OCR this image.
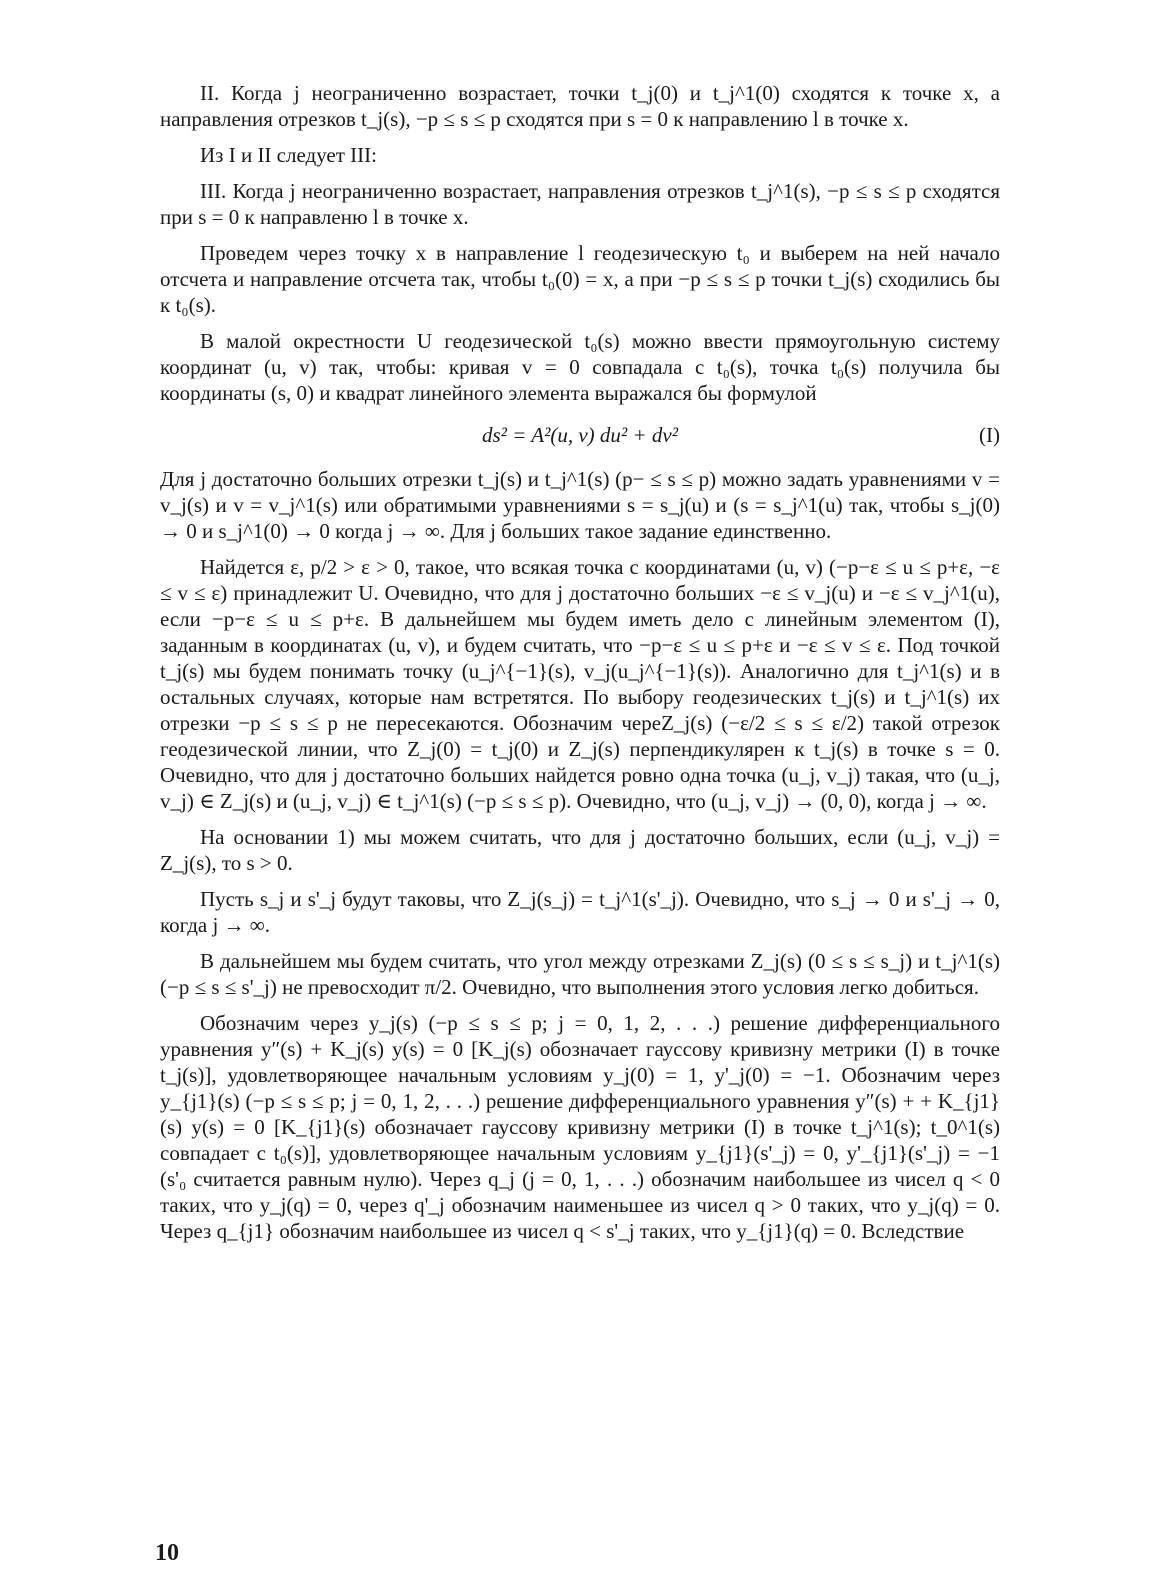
II. Когда j неограниченно возрастает, точки t_j(0) и t_j^1(0) сходятся к точке x, а направления отрезков t_j(s), −p ≤ s ≤ p сходятся при s = 0 к направлению l в точке x.

Из I и II следует III:

III. Когда j неограниченно возрастает, направления отрезков t_j^1(s), −p ≤ s ≤ p сходятся при s = 0 к направленю l в точке x.

Проведем через точку x в направление l геодезическую t₀ и выберем на ней начало отсчета и направление отсчета так, чтобы t₀(0) = x, а при −p ≤ s ≤ p точки t_j(s) сходились бы к t₀(s).

В малой окрестности U геодезической t₀(s) можно ввести прямоугольную систему координат (u, v) так, чтобы: кривая v = 0 совпадала с t₀(s), точка t₀(s) получила бы координаты (s, 0) и квадрат линейного элемента выражался бы формулой

ds² = A²(u, v) du² + dv²	(I)

Для j достаточно больших отрезки t_j(s) и t_j^1(s) (p− ≤ s ≤ p) можно задать уравнениями v = v_j(s) и v = v_j^1(s) или обратимыми уравнениями s = s_j(u) и (s = s_j^1(u) так, чтобы s_j(0) → 0 и s_j^1(0) → 0 когда j → ∞. Для j больших такое задание единственно.

Найдется ε, p/2 > ε > 0, такое, что всякая точка с координатами (u, v) (−p−ε ≤ u ≤ p+ε, −ε ≤ v ≤ ε) принадлежит U. Очевидно, что для j достаточно больших −ε ≤ v_j(u) и −ε ≤ v_j^1(u), если −p−ε ≤ u ≤ p+ε. В дальнейшем мы будем иметь дело с линейным элементом (I), заданным в координатах (u, v), и будем считать, что −p−ε ≤ u ≤ p+ε и −ε ≤ v ≤ ε. Под точкой t_j(s) мы будем понимать точку (u_j^{−1}(s), v_j(u_j^{−1}(s)). Аналогично для t_j^1(s) и в остальных случаях, которые нам встретятся. По выбору геодезических t_j(s) и t_j^1(s) их отрезки −p ≤ s ≤ p не пересекаются. Обозначим череZ_j(s) (−ε/2 ≤ s ≤ ε/2) такой отрезок геодезической линии, что Z_j(0) = t_j(0) и Z_j(s) перпендикулярен к t_j(s) в точке s = 0. Очевидно, что для j достаточно больших найдется ровно одна точка (u_j, v_j) такая, что (u_j, v_j) ∈ Z_j(s) и (u_j, v_j) ∈ t_j^1(s) (−p ≤ s ≤ p). Очевидно, что (u_j, v_j) → (0, 0), когда j → ∞.

На основании 1) мы можем считать, что для j достаточно больших, если (u_j, v_j) = Z_j(s), то s > 0.

Пусть s_j и s'_j будут таковы, что Z_j(s_j) = t_j^1(s'_j). Очевидно, что s_j → 0 и s'_j → 0, когда j → ∞.

В дальнейшем мы будем считать, что угол между отрезками Z_j(s) (0 ≤ s ≤ s_j) и t_j^1(s) (−p ≤ s ≤ s'_j) не превосходит π/2. Очевидно, что выполнения этого условия легко добиться.

Обозначим через y_j(s) (−p ≤ s ≤ p; j = 0, 1, 2, . . .) решение дифференциального уравнения y″(s) + K_j(s) y(s) = 0 [K_j(s) обозначает гауссову кривизну метрики (I) в точке t_j(s)], удовлетворяющее начальным условиям y_j(0) = 1, y'_j(0) = −1. Обозначим через y_{j1}(s) (−p ≤ s ≤ p; j = 0, 1, 2, . . .) решение дифференциального уравнения y″(s) + + K_{j1}(s) y(s) = 0 [K_{j1}(s) обозначает гауссову кривизну метрики (I) в точке t_j^1(s); t_0^1(s) совпадает с t₀(s)], удовлетворяющее начальным условиям y_{j1}(s'_j) = 0, y'_{j1}(s'_j) = −1 (s'₀ считается равным нулю). Через q_j (j = 0, 1, . . .) обозначим наибольшее из чисел q < 0 таких, что y_j(q) = 0, через q'_j обозначим наименьшее из чисел q > 0 таких, что y_j(q) = 0. Через q_{j1} обозначим наибольшее из чисел q < s'_j таких, что y_{j1}(q) = 0. Вследствие

10
